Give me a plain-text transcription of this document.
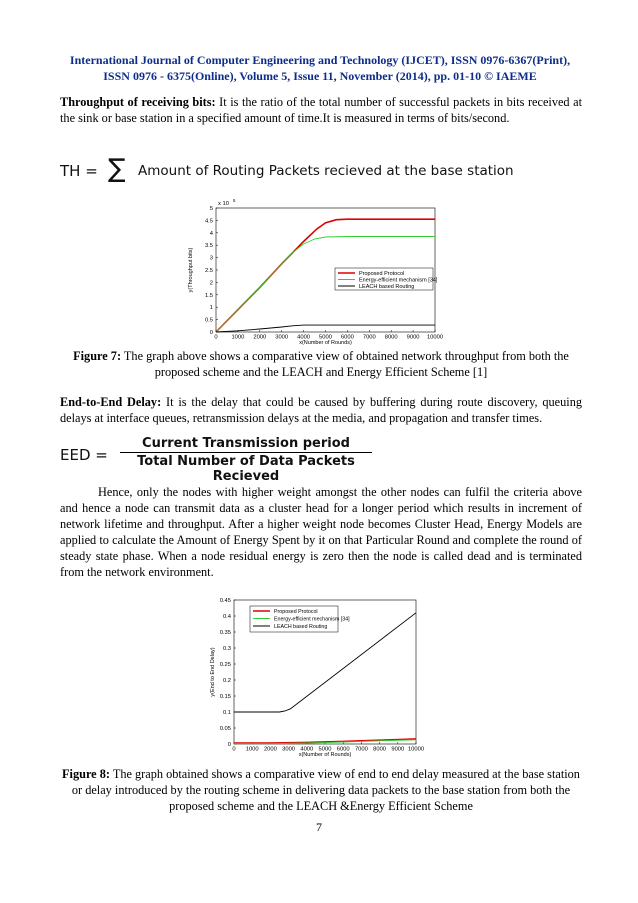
International Journal of Computer Engineering and Technology (IJCET), ISSN 0976-6367(Print),
ISSN 0976 - 6375(Online), Volume 5, Issue 11, November (2014), pp. 01-10 © IAEME
Throughput of receiving bits: It is the ratio of the total number of successful packets in bits received at the sink or base station in a specified amount of time.It is measured in terms of bits/second.
TH = ∑ Amount of Routing Packets recieved at the base station
0 1000 2000 3000 4000 5000 6000 7000 8000 9000 10000
0
0.5
1
1.5
2
2.5
3
3.5
4
4.5
5
x(Number of Rounds)
y(Throughput bits)
x 10
5
Proposed Protocol
Energy-efficient mechanism [34]
LEACH based Routing
Figure 7: The graph above shows a comparative view of obtained network throughput from both the proposed scheme and the LEACH and Energy Efficient Scheme [1]
End-to-End Delay: It is the delay that could be caused by buffering during route discovery, queuing delays at interface queues, retransmission delays at the media, and propagation and transfer times.
EED =
Current Transmission period
Total Number of Data Packets Recieved
Hence, only the nodes with higher weight amongst the other nodes can fulfil the criteria above and hence a node can transmit data as a cluster head for a longer period which results in increment of network lifetime and throughput. After a higher weight node becomes Cluster Head, Energy Models are applied to calculate the Amount of Energy Spent by it on that Particular Round and complete the round of steady state phase. When a node residual energy is zero then the node is called dead and is terminated from the network environment.
0 1000 2000 3000 4000 5000 6000 7000 8000 9000 10000
0
0.05
0.1
0.15
0.2
0.25
0.3
0.35
0.4
0.45
x(Number of Rounds)
y(End to End Delay)
Proposed Protocol
Energy-efficient mechanism [34]
LEACH based Routing
Figure 8: The graph obtained shows a comparative view of end to end delay measured at the base station or delay introduced by the routing scheme in delivering data packets to the base station from both the proposed scheme and the LEACH &Energy Efficient Scheme
7
